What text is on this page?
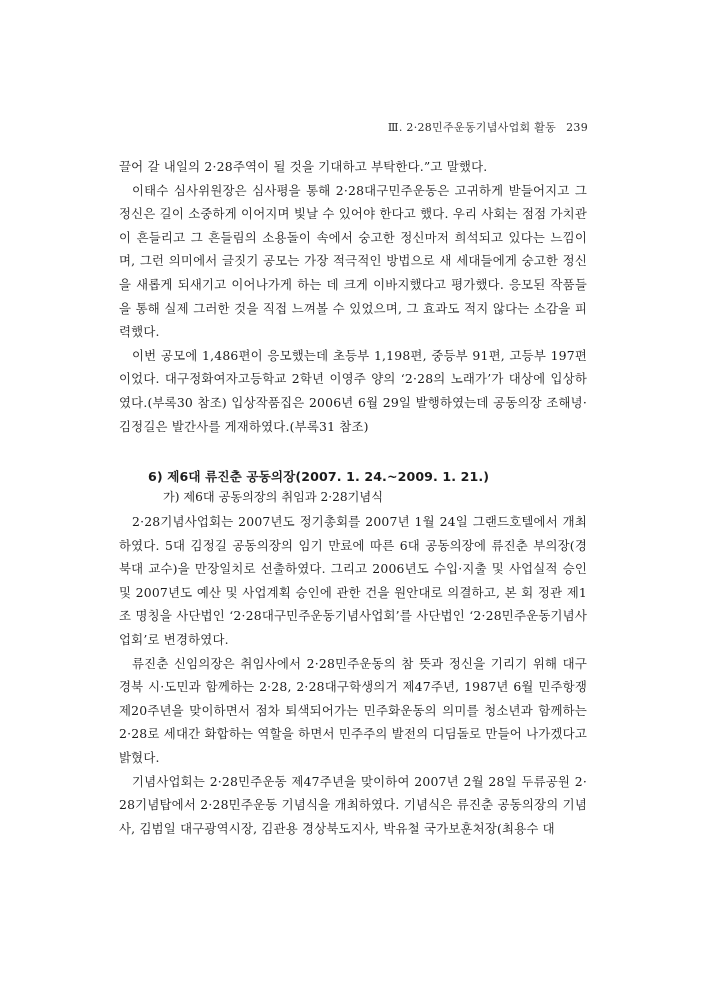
Ⅲ. 2·28민주운동기념사업회 활동 239

끌어 갈 내일의 2·28주역이 될 것을 기대하고 부탁한다.”고 말했다.

이태수 심사위원장은 심사평을 통해 2·28대구민주운동은 고귀하게 받들어지고 그 정신은 길이 소중하게 이어지며 빛날 수 있어야 한다고 했다. 우리 사회는 점점 가치관이 흔들리고 그 흔들림의 소용돌이 속에서 숭고한 정신마저 희석되고 있다는 느낌이며, 그런 의미에서 글짓기 공모는 가장 적극적인 방법으로 새 세대들에게 숭고한 정신을 새롭게 되새기고 이어나가게 하는 데 크게 이바지했다고 평가했다. 응모된 작품들을 통해 실제 그러한 것을 직접 느껴볼 수 있었으며, 그 효과도 적지 않다는 소감을 피력했다.

이번 공모에 1,486편이 응모했는데 초등부 1,198편, 중등부 91편, 고등부 197편이었다. 대구정화여자고등학교 2학년 이영주 양의 ‘2·28의 노래가’가 대상에 입상하였다.(부록30 참조) 입상작품집은 2006년 6월 29일 발행하였는데 공동의장 조해녕·김정길은 발간사를 게재하였다.(부록31 참조)

6) 제6대 류진춘 공동의장(2007. 1. 24.~2009. 1. 21.)
가) 제6대 공동의장의 취임과 2·28기념식

2·28기념사업회는 2007년도 정기총회를 2007년 1월 24일 그랜드호텔에서 개최하였다. 5대 김정길 공동의장의 임기 만료에 따른 6대 공동의장에 류진춘 부의장(경북대 교수)을 만장일치로 선출하였다. 그리고 2006년도 수입·지출 및 사업실적 승인 및 2007년도 예산 및 사업계획 승인에 관한 건을 원안대로 의결하고, 본 회 정관 제1조 명칭을 사단법인 ‘2·28대구민주운동기념사업회’를 사단법인 ‘2·28민주운동기념사업회’로 변경하였다.

류진춘 신임의장은 취임사에서 2·28민주운동의 참 뜻과 정신을 기리기 위해 대구경북 시·도민과 함께하는 2·28, 2·28대구학생의거 제47주년, 1987년 6월 민주항쟁 제20주년을 맞이하면서 점차 퇴색되어가는 민주화운동의 의미를 청소년과 함께하는 2·28로 세대간 화합하는 역할을 하면서 민주주의 발전의 디딤돌로 만들어 나가겠다고 밝혔다.

기념사업회는 2·28민주운동 제47주년을 맞이하여 2007년 2월 28일 두류공원 2·28기념탑에서 2·28민주운동 기념식을 개최하였다. 기념식은 류진춘 공동의장의 기념사, 김범일 대구광역시장, 김관용 경상북도지사, 박유철 국가보훈처장(최용수 대
